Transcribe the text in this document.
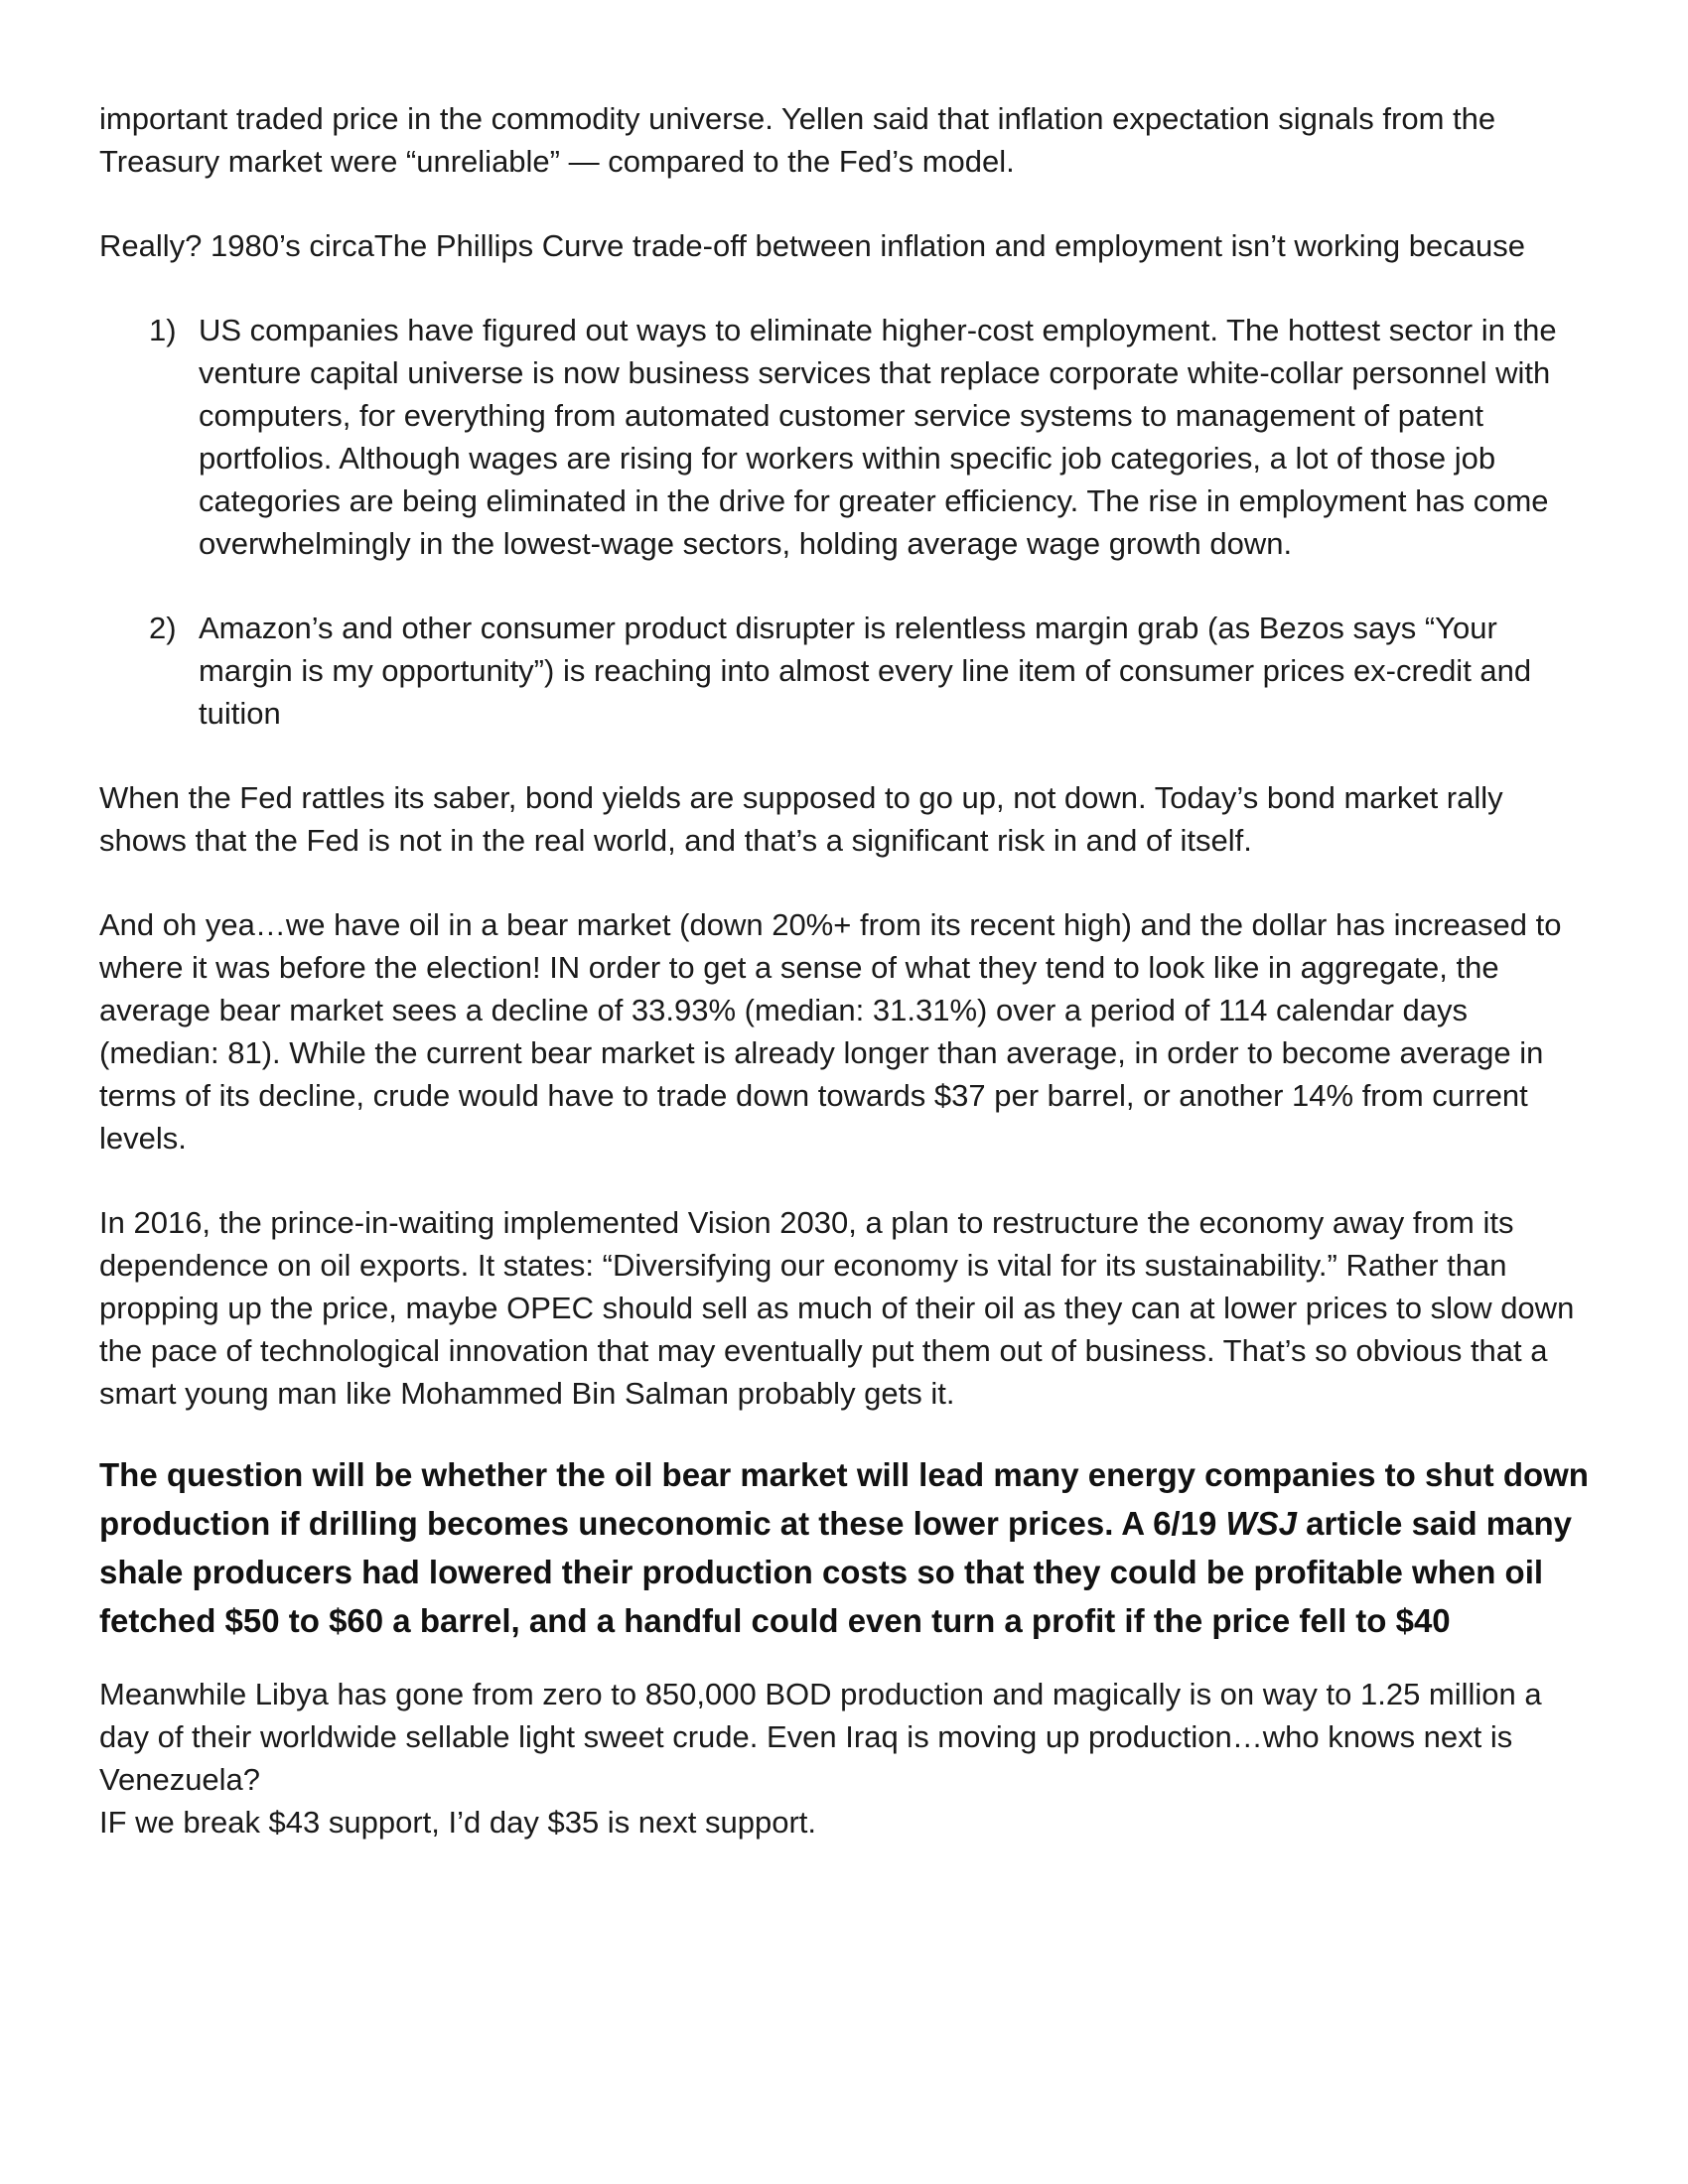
important traded price in the commodity universe. Yellen said that inflation expectation signals from the Treasury market were “unreliable” — compared to the Fed’s model.

Really? 1980’s circaThe Phillips Curve trade-off between inflation and employment isn’t working because

1) US companies have figured out ways to eliminate higher-cost employment. The hottest sector in the venture capital universe is now business services that replace corporate white-collar personnel with computers, for everything from automated customer service systems to management of patent portfolios. Although wages are rising for workers within specific job categories, a lot of those job categories are being eliminated in the drive for greater efficiency. The rise in employment has come overwhelmingly in the lowest-wage sectors, holding average wage growth down.
2) Amazon’s and other consumer product disrupter is relentless margin grab (as Bezos says “Your margin is my opportunity”) is reaching into almost every line item of consumer prices ex-credit and tuition

When the Fed rattles its saber, bond yields are supposed to go up, not down. Today’s bond market rally shows that the Fed is not in the real world, and that’s a significant risk in and of itself.

And oh yea…we have oil in a bear market (down 20%+ from its recent high) and the dollar has increased to where it was before the election! IN order to get a sense of what they tend to look like in aggregate, the average bear market sees a decline of 33.93% (median: 31.31%) over a period of 114 calendar days (median: 81). While the current bear market is already longer than average, in order to become average in terms of its decline, crude would have to trade down towards $37 per barrel, or another 14% from current levels.

In 2016, the prince-in-waiting implemented Vision 2030, a plan to restructure the economy away from its dependence on oil exports. It states: “Diversifying our economy is vital for its sustainability.” Rather than propping up the price, maybe OPEC should sell as much of their oil as they can at lower prices to slow down the pace of technological innovation that may eventually put them out of business. That’s so obvious that a smart young man like Mohammed Bin Salman probably gets it.

The question will be whether the oil bear market will lead many energy companies to shut down production if drilling becomes uneconomic at these lower prices. A 6/19 WSJ article said many shale producers had lowered their production costs so that they could be profitable when oil fetched $50 to $60 a barrel, and a handful could even turn a profit if the price fell to $40

Meanwhile Libya has gone from zero to 850,000 BOD production and magically is on way to 1.25 million a day of their worldwide sellable light sweet crude. Even Iraq is moving up production…who knows next is Venezuela?

IF we break $43 support, I’d day $35 is next support.
